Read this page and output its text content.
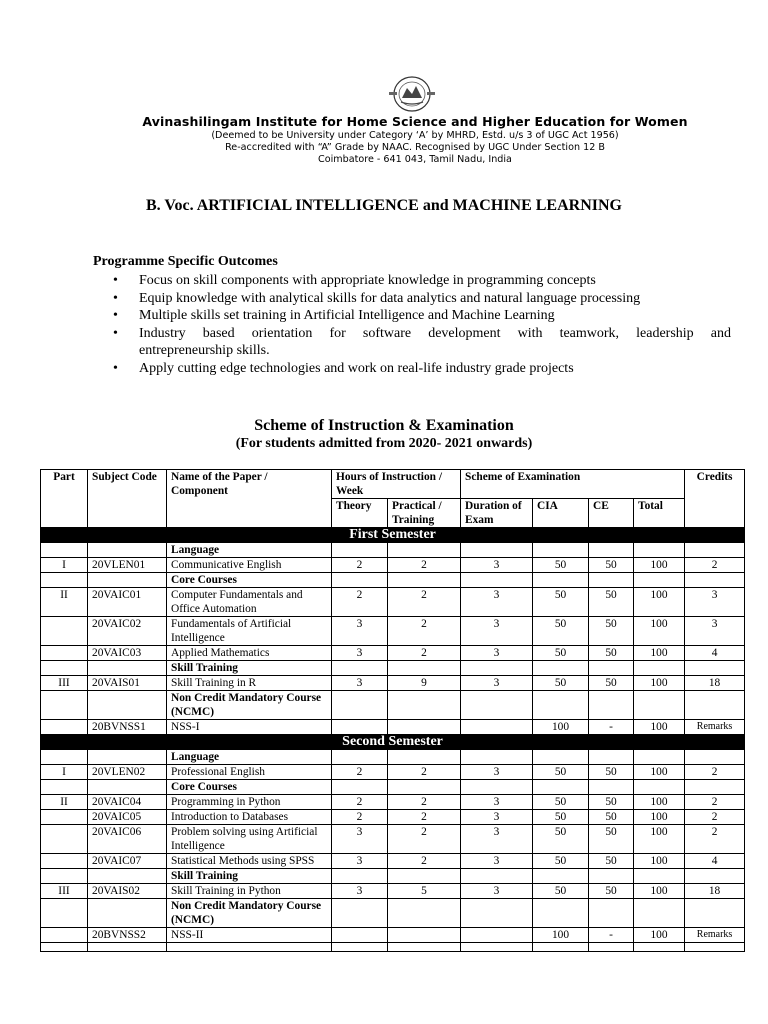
Avinashilingam Institute for Home Science and Higher Education for Women
(Deemed to be University under Category ‘A’ by MHRD, Estd. u/s 3 of UGC Act 1956)
Re-accredited with “A” Grade by NAAC. Recognised by UGC Under Section 12 B
Coimbatore - 641 043, Tamil Nadu, India
B. Voc. ARTIFICIAL INTELLIGENCE and MACHINE LEARNING
Programme Specific Outcomes
• Focus on skill components with appropriate knowledge in programming concepts
• Equip knowledge with analytical skills for data analytics and natural language processing
• Multiple skills set training in Artificial Intelligence and Machine Learning
• Industry based orientation for software development with teamwork, leadership and
entrepreneurship skills.
• Apply cutting edge technologies and work on real-life industry grade projects
Scheme of Instruction & Examination
(For students admitted from 2020- 2021 onwards)
Part	Subject Code	Name of the Paper / Component	Hours of Instruction / Week		Scheme of Examination				Credits
			Theory	Practical / Training	Duration of Exam	CIA	CE	Total	
First Semester									
		Language							
I	20VLEN01	Communicative English	2	2	3	50	50	100	2
		Core Courses							
II	20VAIC01	Computer Fundamentals and Office Automation	2	2	3	50	50	100	3
	20VAIC02	Fundamentals of Artificial Intelligence	3	2	3	50	50	100	3
	20VAIC03	Applied Mathematics	3	2	3	50	50	100	4
		Skill Training							
III	20VAIS01	Skill Training in R	3	9	3	50	50	100	18
		Non Credit Mandatory Course (NCMC)							
	20BVNSS1	NSS-I				100	-	100	Remarks
Second Semester									
		Language							
I	20VLEN02	Professional English	2	2	3	50	50	100	2
		Core Courses							
II	20VAIC04	Programming in Python	2	2	3	50	50	100	2
	20VAIC05	Introduction to Databases	2	2	3	50	50	100	2
	20VAIC06	Problem solving using Artificial Intelligence	3	2	3	50	50	100	2
	20VAIC07	Statistical Methods using SPSS	3	2	3	50	50	100	4
		Skill Training							
III	20VAIS02	Skill Training in Python	3	5	3	50	50	100	18
		Non Credit Mandatory Course (NCMC)							
	20BVNSS2	NSS-II				100	-	100	Remarks
